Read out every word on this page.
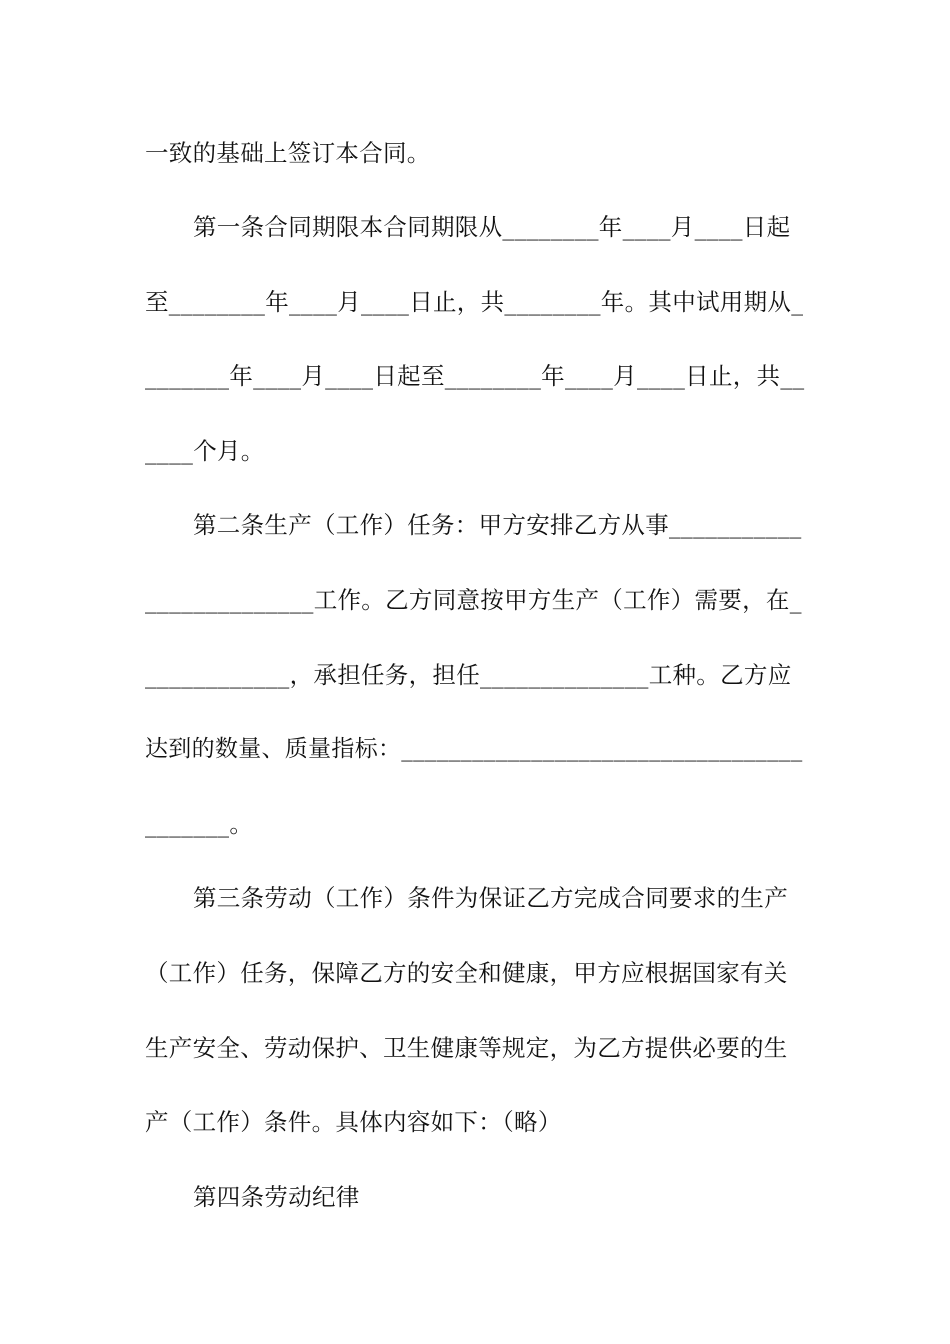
一致的基础上签订本合同。
第一条合同期限本合同期限从________年____月____日起
至________年____月____日止，共________年。其中试用期从_
_______年____月____日起至________年____月____日止，共__
____个月。
第二条生产（工作）任务：甲方安排乙方从事___________
______________工作。乙方同意按甲方生产（工作）需要，在_
____________，承担任务，担任______________工种。乙方应
达到的数量、质量指标：__________________________________
_______。
第三条劳动（工作）条件为保证乙方完成合同要求的生产
（工作）任务，保障乙方的安全和健康，甲方应根据国家有关
生产安全、劳动保护、卫生健康等规定，为乙方提供必要的生
产（工作）条件。具体内容如下：（略）
第四条劳动纪律
